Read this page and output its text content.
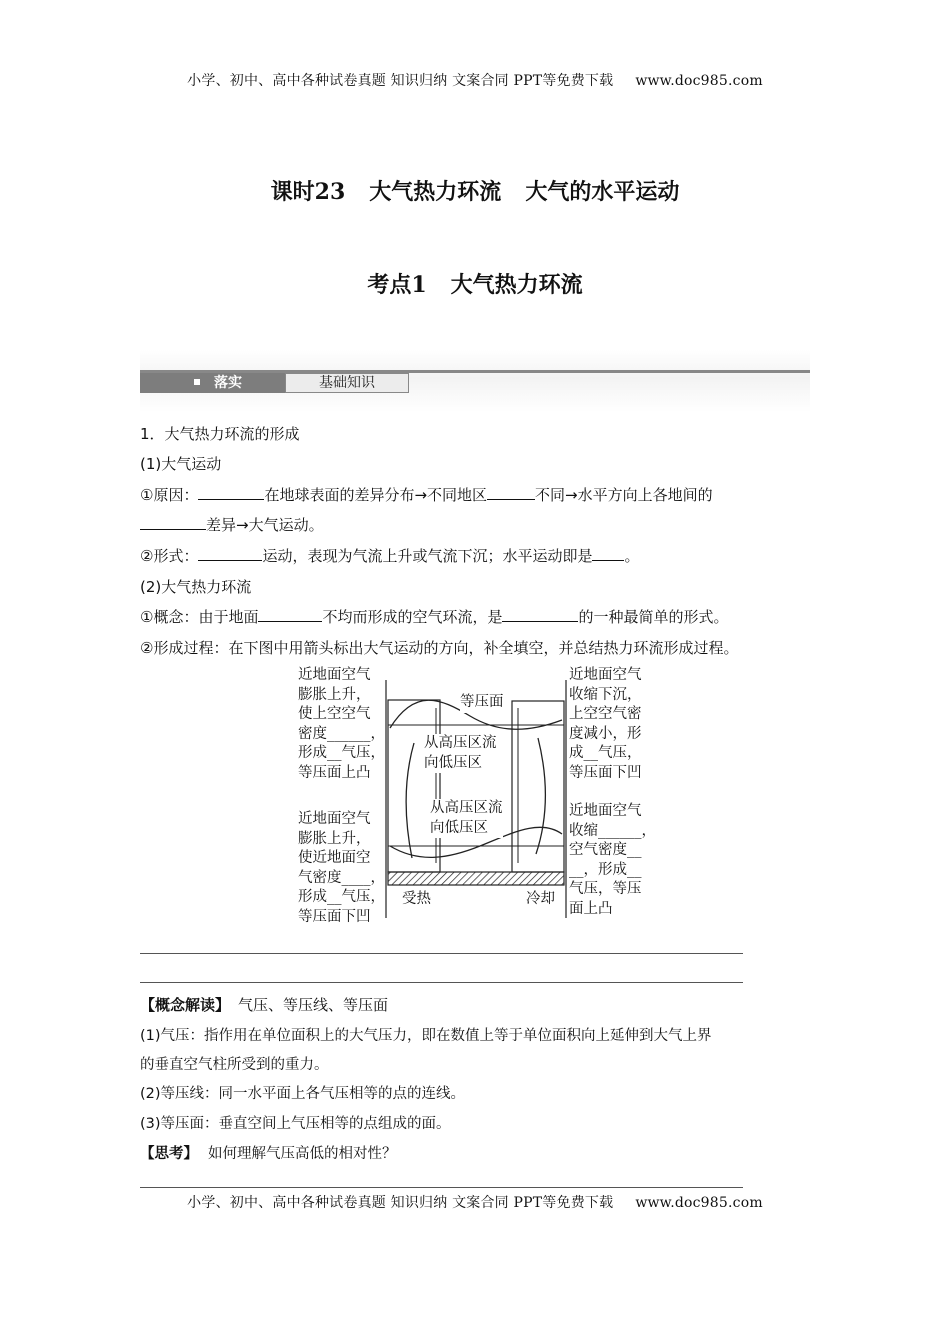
小学、初中、高中各种试卷真题 知识归纳 文案合同 PPT等免费下载 www.doc985.com
课时23 大气热力环流 大气的水平运动
考点1 大气热力环流
落实	基础知识
1．大气热力环流的形成
(1)大气运动
①原因：	在地球表面的差异分布→不同地区	不同→水平方向上各地间的
差异→大气运动。
②形式：	运动，表现为气流上升或气流下沉；水平运动即是 。
(2)大气热力环流
①概念：由于地面	不均而形成的空气环流，是	的一种最简单的形式。
②形成过程：在下图中用箭头标出大气运动的方向，补全填空，并总结热力环流形成过程。
近地面空气
膨胀上升，
使上空空气
密度______，
形成__气压，
等压面上凸
近地面空气
膨胀上升，
使近地面空
气密度____，
形成__气压，
等压面下凹
近地面空气
收缩下沉，
上空空气密
度减小，形
成__气压，
等压面下凹
近地面空气
收缩______，
空气密度__
__，形成__
气压，等压
面上凸
等压面
从高压区流
向低压区
从高压区流
向低压区
受热	冷却
【概念解读】 气压、等压线、等压面
(1)气压：指作用在单位面积上的大气压力，即在数值上等于单位面积向上延伸到大气上界
的垂直空气柱所受到的重力。
(2)等压线：同一水平面上各气压相等的点的连线。
(3)等压面：垂直空间上气压相等的点组成的面。
【思考】 如何理解气压高低的相对性？
小学、初中、高中各种试卷真题 知识归纳 文案合同 PPT等免费下载 www.doc985.com
